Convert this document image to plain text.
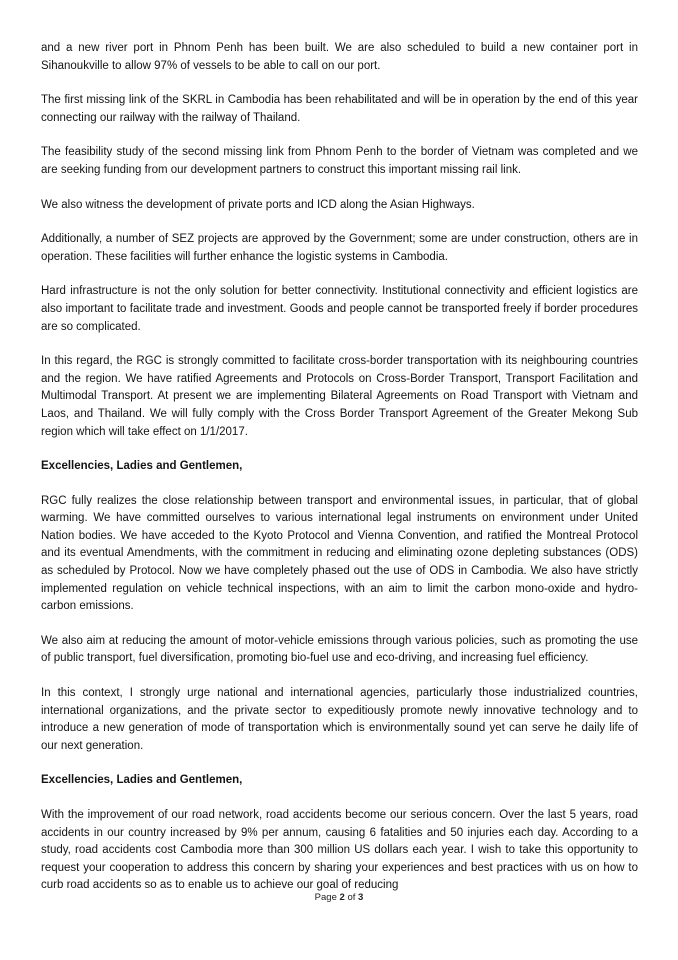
and a new river port in Phnom Penh has been built. We are also scheduled to build a new container port in Sihanoukville to allow 97% of vessels to be able to call on our port.

The first missing link of the SKRL in Cambodia has been rehabilitated and will be in operation by the end of this year connecting our railway with the railway of Thailand.

The feasibility study of the second missing link from Phnom Penh to the border of Vietnam was completed and we are seeking funding from our development partners to construct this important missing rail link.

We also witness the development of private ports and ICD along the Asian Highways.

Additionally, a number of SEZ projects are approved by the Government; some are under construction, others are in operation. These facilities will further enhance the logistic systems in Cambodia.

Hard infrastructure is not the only solution for better connectivity. Institutional connectivity and efficient logistics are also important to facilitate trade and investment. Goods and people cannot be transported freely if border procedures are so complicated.

In this regard, the RGC is strongly committed to facilitate cross-border transportation with its neighbouring countries and the region. We have ratified Agreements and Protocols on Cross-Border Transport, Transport Facilitation and Multimodal Transport. At present we are implementing Bilateral Agreements on Road Transport with Vietnam and Laos, and Thailand. We will fully comply with the Cross Border Transport Agreement of the Greater Mekong Sub region which will take effect on 1/1/2017.

Excellencies, Ladies and Gentlemen,

RGC fully realizes the close relationship between transport and environmental issues, in particular, that of global warming. We have committed ourselves to various international legal instruments on environment under United Nation bodies. We have acceded to the Kyoto Protocol and Vienna Convention, and ratified the Montreal Protocol and its eventual Amendments, with the commitment in reducing and eliminating ozone depleting substances (ODS) as scheduled by Protocol. Now we have completely phased out the use of ODS in Cambodia. We also have strictly implemented regulation on vehicle technical inspections, with an aim to limit the carbon mono-oxide and hydro-carbon emissions.

We also aim at reducing the amount of motor-vehicle emissions through various policies, such as promoting the use of public transport, fuel diversification, promoting bio-fuel use and eco-driving, and increasing fuel efficiency.

In this context, I strongly urge national and international agencies, particularly those industrialized countries, international organizations, and the private sector to expeditiously promote newly innovative technology and to introduce a new generation of mode of transportation which is environmentally sound yet can serve he daily life of our next generation.

Excellencies, Ladies and Gentlemen,

With the improvement of our road network, road accidents become our serious concern. Over the last 5 years, road accidents in our country increased by 9% per annum, causing 6 fatalities and 50 injuries each day. According to a study, road accidents cost Cambodia more than 300 million US dollars each year. I wish to take this opportunity to request your cooperation to address this concern by sharing your experiences and best practices with us on how to curb road accidents so as to enable us to achieve our goal of reducing

Page 2 of 3
